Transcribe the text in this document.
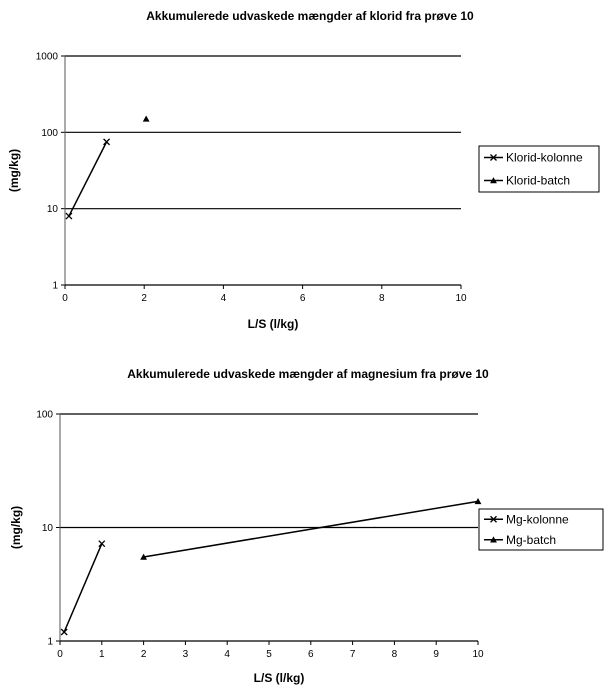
Akkumulerede udvaskede mængder af klorid fra prøve 10
1
10
100
1000
0	2	4	6	8	10
L/S (l/kg)
(mg/kg)	Klorid-kolonne
Klorid-batch
Akkumulerede udvaskede mængder af magnesium fra prøve 10
1
10
100
0	1	2	3	4	5	6	7	8	9	10
L/S (l/kg)
(mg/kg)	Mg-kolonne
Mg-batch
